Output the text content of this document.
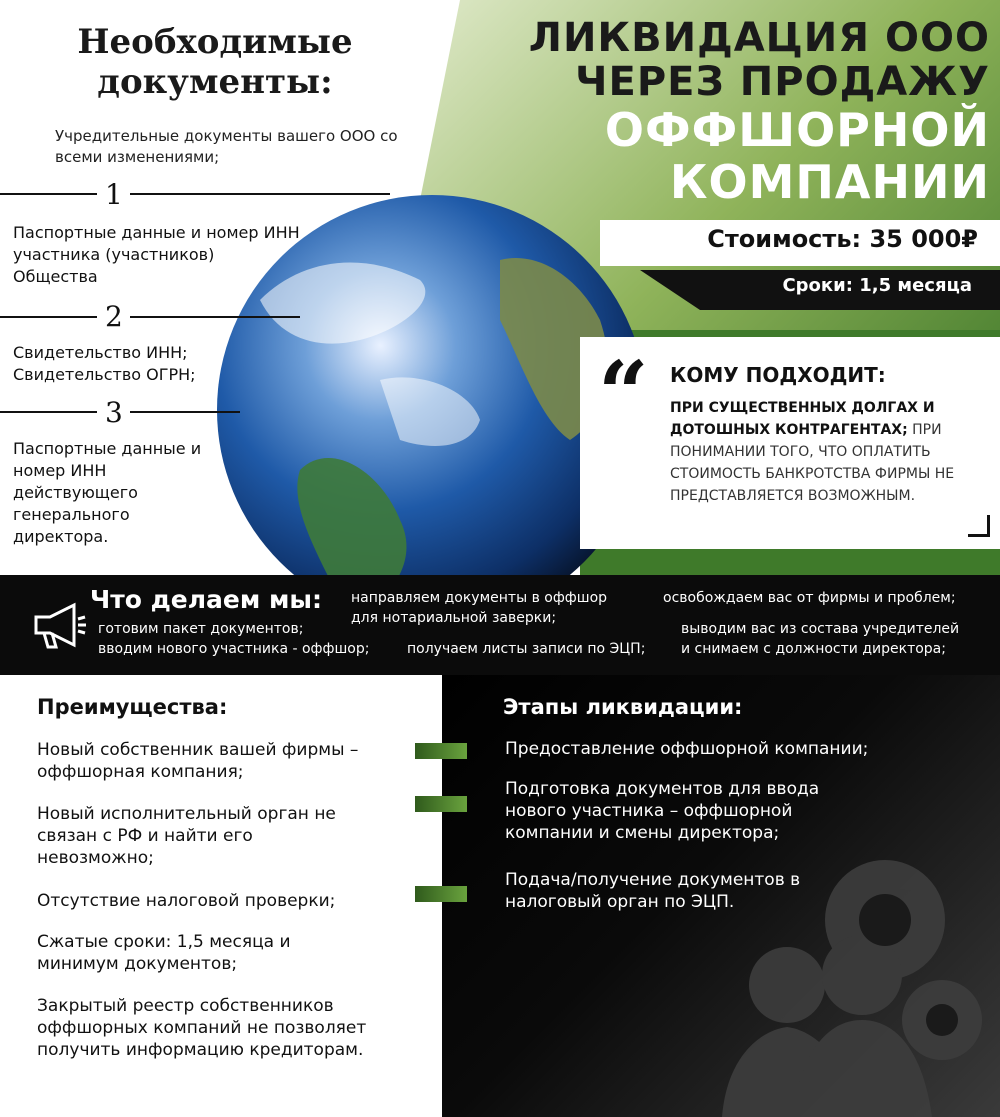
Необходимые документы:
Учредительные документы вашего ООО со всеми изменениями;
1
Паспортные данные и номер ИНН участника (участников) Общества
2
Свидетельство ИНН; Свидетельство ОГРН;
3
Паспортные данные и номер ИНН действующего генерального директора.
ЛИКВИДАЦИЯ ООО
ЧЕРЕЗ ПРОДАЖУ
ОФФШОРНОЙ
КОМПАНИИ
Стоимость: 35 000₽
Сроки: 1,5 месяца
“ КОМУ ПОДХОДИТ:
ПРИ СУЩЕСТВЕННЫХ ДОЛГАХ И ДОТОШНЫХ КОНТРАГЕНТАХ; ПРИ ПОНИМАНИИ ТОГО, ЧТО ОПЛАТИТЬ СТОИМОСТЬ БАНКРОТСТВА ФИРМЫ НЕ ПРЕДСТАВЛЯЕТСЯ ВОЗМОЖНЫМ.
Что делаем мы:
готовим пакет документов;
вводим нового участника - оффшор;
направляем документы в оффшор
для нотариальной заверки;
получаем листы записи по ЭЦП;
освобождаем вас от фирмы и проблем;
выводим вас из состава учредителей
и снимаем с должности директора;
Преимущества:
Новый собственник вашей фирмы – оффшорная компания;
Новый исполнительный орган не связан с РФ и найти его невозможно;
Отсутствие налоговой проверки;
Сжатые сроки: 1,5 месяца и минимум документов;
Закрытый реестр собственников оффшорных компаний не позволяет получить информацию кредиторам.
Этапы ликвидации:
Предоставление оффшорной компании;
Подготовка документов для ввода нового участника – оффшорной компании и смены директора;
Подача/получение документов в налоговый орган по ЭЦП.
